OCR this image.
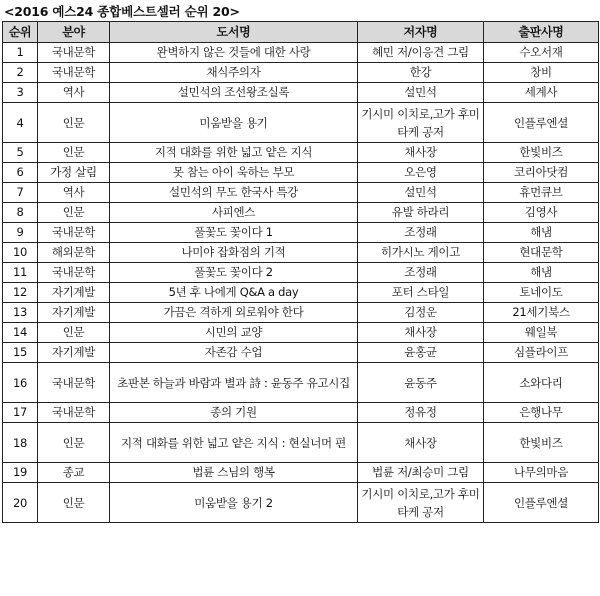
<2016 예스24 종합베스트셀러 순위 20>
순위	분야	도서명	저자명	출판사명
1	국내문학	완벽하지 않은 것들에 대한 사랑	혜민 저/이응견 그림	수오서재
2	국내문학	채식주의자	한강	창비
3	역사	설민석의 조선왕조실록	설민석	세계사
4	인문	미움받을 용기	기시미 이치로,고가 후미타케 공저	인플루엔셜
5	인문	지적 대화를 위한 넓고 얕은 지식	채사장	한빛비즈
6	가정 살림	못 참는 아이 욱하는 부모	오은영	코리아닷컴
7	역사	설민석의 무도 한국사 특강	설민석	휴먼큐브
8	인문	사피엔스	유발 하라리	김영사
9	국내문학	풀꽃도 꽃이다 1	조정래	해냄
10	해외문학	나미야 잡화점의 기적	히가시노 게이고	현대문학
11	국내문학	풀꽃도 꽃이다 2	조정래	해냄
12	자기계발	5년 후 나에게 Q&A a day	포터 스타일	토네이도
13	자기계발	가끔은 격하게 외로워야 한다	김정운	21세기북스
14	인문	시민의 교양	채사장	웨일북
15	자기계발	자존감 수업	윤홍균	심플라이프
16	국내문학	초판본 하늘과 바람과 별과 詩 : 윤동주 유고시집	윤동주	소와다리
17	국내문학	종의 기원	정유정	은행나무
18	인문	지적 대화를 위한 넓고 얕은 지식 : 현실너머 편	채사장	한빛비즈
19	종교	법륜 스님의 행복	법륜 저/최승미 그림	나무의마음
20	인문	미움받을 용기 2	기시미 이치로,고가 후미타케 공저	인플루엔셜
